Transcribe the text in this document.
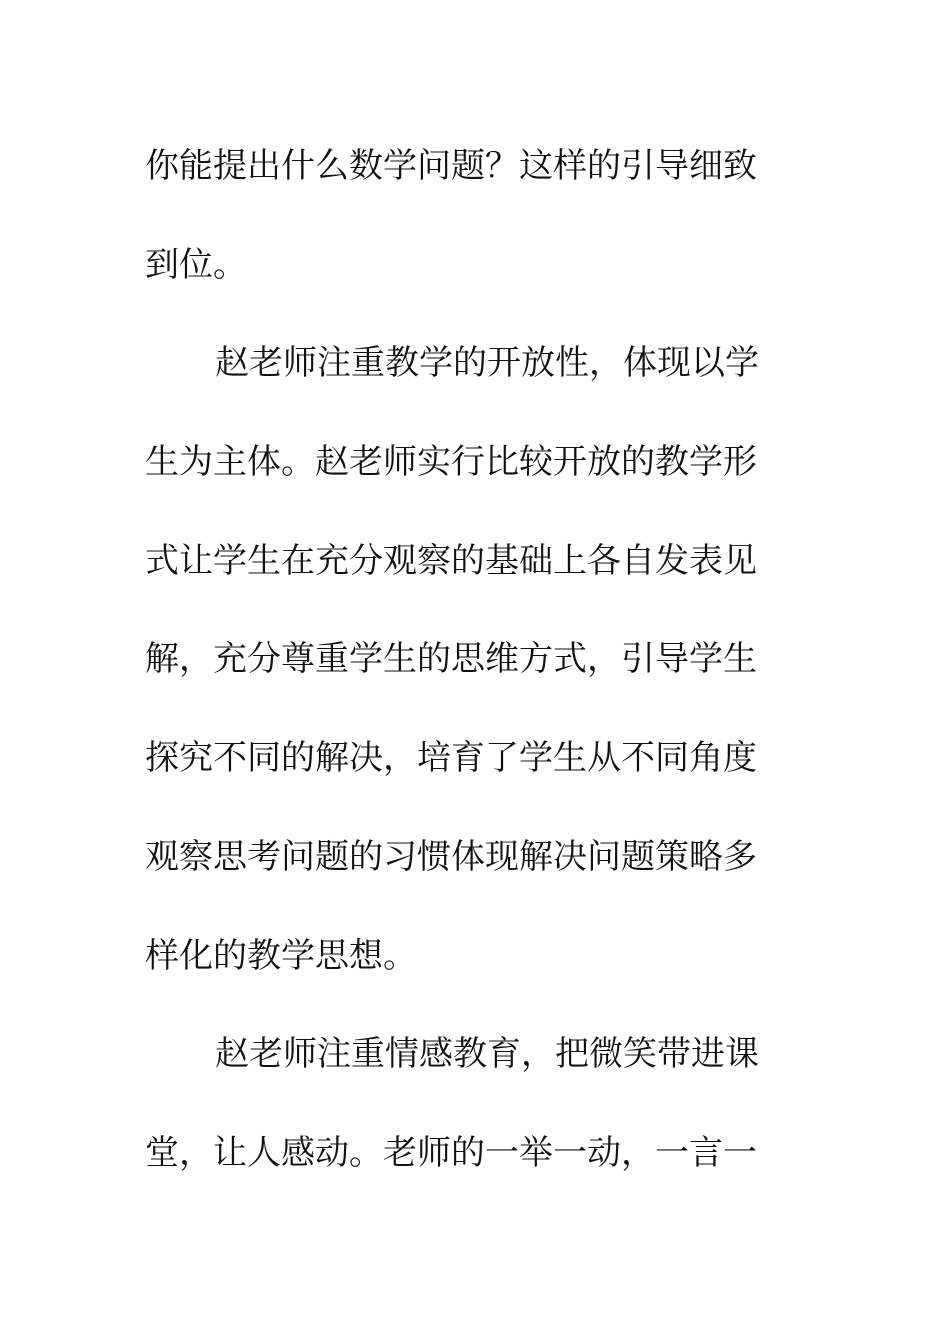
你能提出什么数学问题？这样的引导细致
到位。
赵老师注重教学的开放性，体现以学
生为主体。赵老师实行比较开放的教学形
式让学生在充分观察的基础上各自发表见
解，充分尊重学生的思维方式，引导学生
探究不同的解决，培育了学生从不同角度
观察思考问题的习惯体现解决问题策略多
样化的教学思想。
赵老师注重情感教育，把微笑带进课
堂，让人感动。老师的一举一动，一言一
